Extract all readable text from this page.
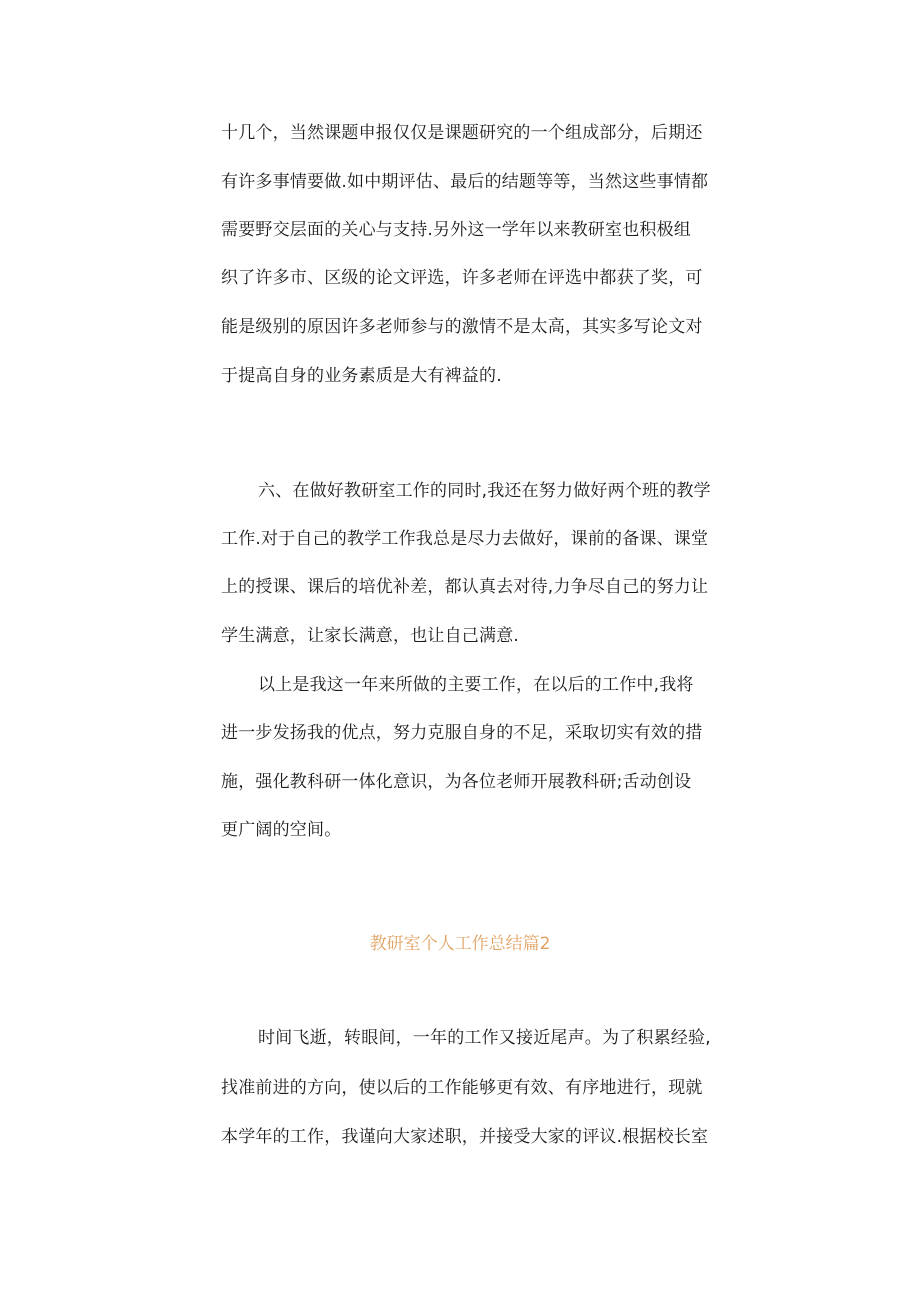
十几个，当然课题申报仅仅是课题研究的一个组成部分，后期还
有许多事情要做.如中期评估、最后的结题等等，当然这些事情都
需要野交层面的关心与支持.另外这一学年以来教研室也积极组
织了许多市、区级的论文评选，许多老师在评选中都获了奖，可
能是级别的原因许多老师参与的激情不是太高，其实多写论文对
于提高自身的业务素质是大有裨益的.
六、在做好教研室工作的同时,我还在努力做好两个班的教学
工作.对于自己的教学工作我总是尽力去做好，课前的备课、课堂
上的授课、课后的培优补差，都认真去对待,力争尽自己的努力让
学生满意，让家长满意，也让自己满意.
以上是我这一年来所做的主要工作，在以后的工作中,我将
进一步发扬我的优点，努力克服自身的不足，采取切实有效的措
施，强化教科研一体化意识，为各位老师开展教科研;舌动创设
更广阔的空间。
教研室个人工作总结篇2
时间飞逝，转眼间，一年的工作又接近尾声。为了积累经验,
找准前进的方向，使以后的工作能够更有效、有序地进行，现就
本学年的工作，我谨向大家述职，并接受大家的评议.根据校长室
